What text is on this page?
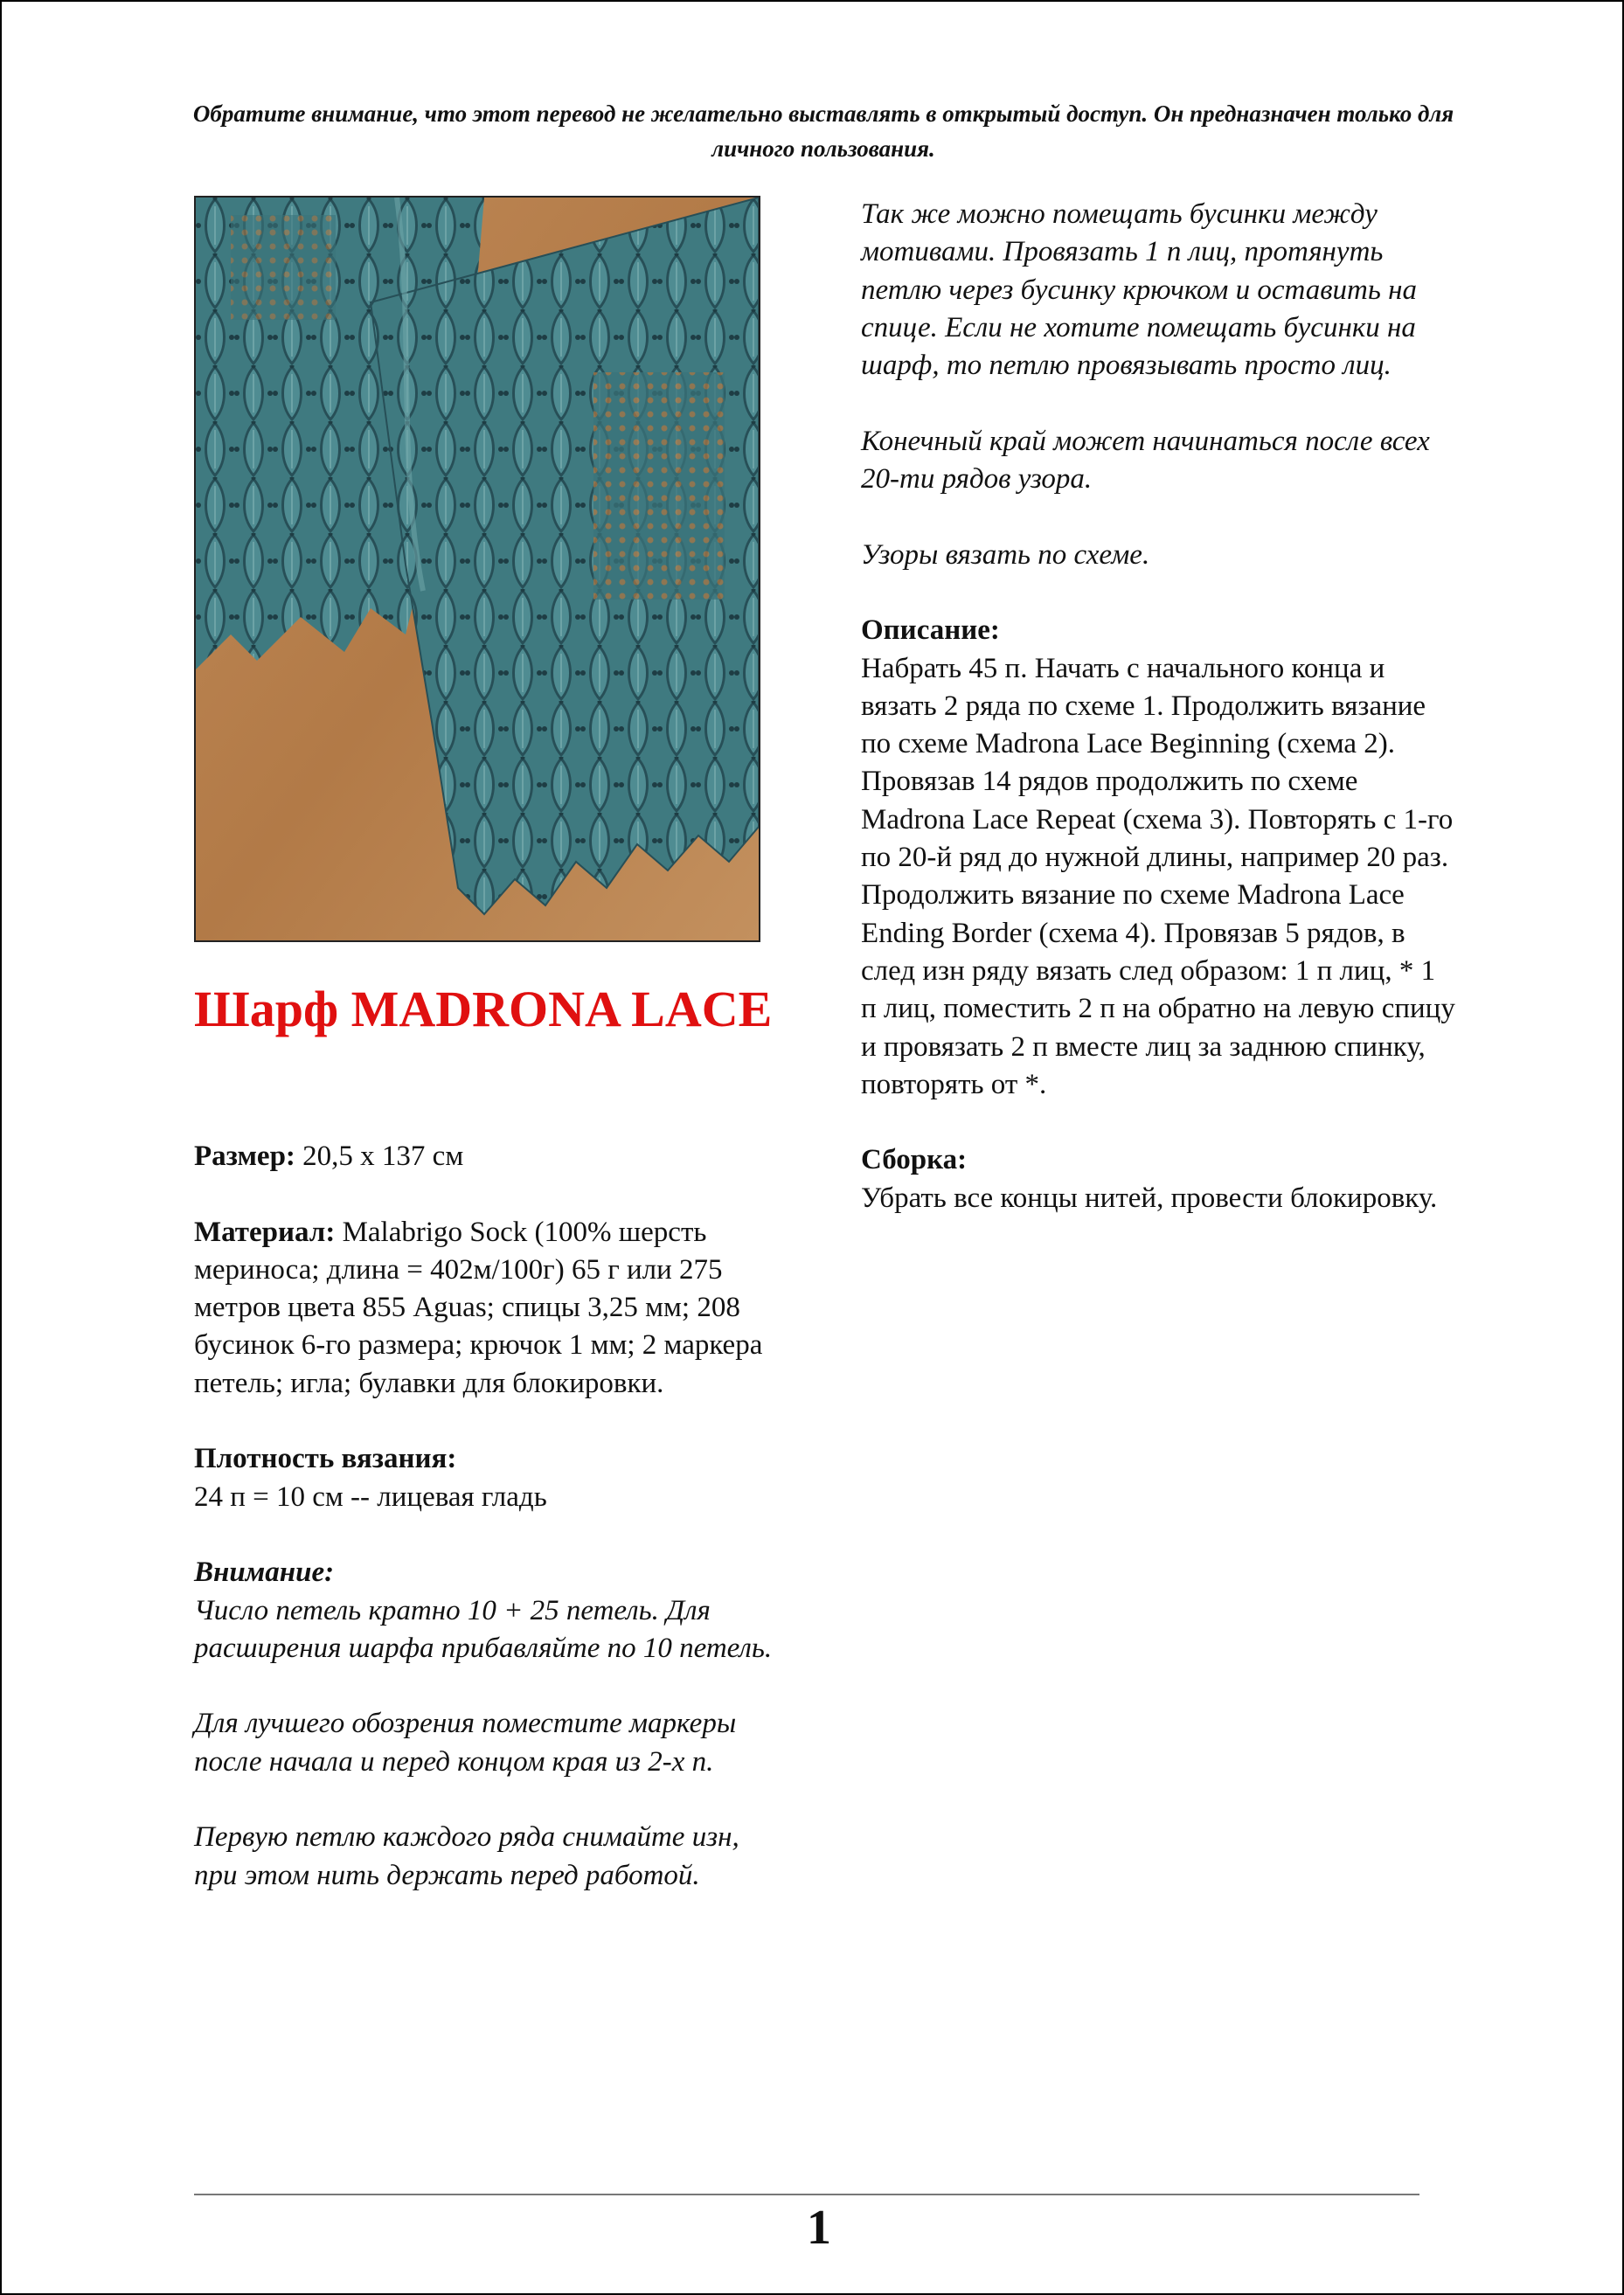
Обратите внимание, что этот перевод не желательно выставлять в открытый доступ. Он предназначен только для личного пользования.
Шарф MADRONA LACE

Размер: 20,5 х 137 см

Материал: Malabrigo Sock (100% шерсть мериноса; длина = 402м/100г) 65 г или 275 метров цвета 855 Aguas; спицы 3,25 мм; 208 бусинок 6-го размера; крючок 1 мм; 2 маркера петель; игла; булавки для блокировки.

Плотность вязания:

24 п = 10 см -- лицевая гладь

Внимание:

Число петель кратно 10 + 25 петель. Для расширения шарфа прибавляйте по 10 петель.

Для лучшего обозрения поместите маркеры после начала и перед концом края из 2-х п.

Первую петлю каждого ряда снимайте изн, при этом нить держать перед работой.

Так же можно помещать бусинки между мотивами. Провязать 1 п лиц, протянуть петлю через бусинку крючком и оставить на спице. Если не хотите помещать бусинки на шарф, то петлю провязывать просто лиц.

Конечный край может начинаться после всех 20-ти рядов узора.

Узоры вязать по схеме.

Описание:

Набрать 45 п. Начать с начального конца и вязать 2 ряда по схеме 1. Продолжить вязание по схеме Madrona Lace Beginning (схема 2). Провязав 14 рядов продолжить по схеме Madrona Lace Repeat (схема 3). Повторять с 1-го по 20-й ряд до нужной длины, например 20 раз. Продолжить вязание по схеме Madrona Lace Ending Border (схема 4). Провязав 5 рядов, в след изн ряду вязать след образом: 1 п лиц, * 1 п лиц, поместить 2 п на обратно на левую спицу и провязать 2 п вместе лиц за заднюю спинку, повторять от *.

Сборка:

Убрать все концы нитей, провести блокировку.

1
